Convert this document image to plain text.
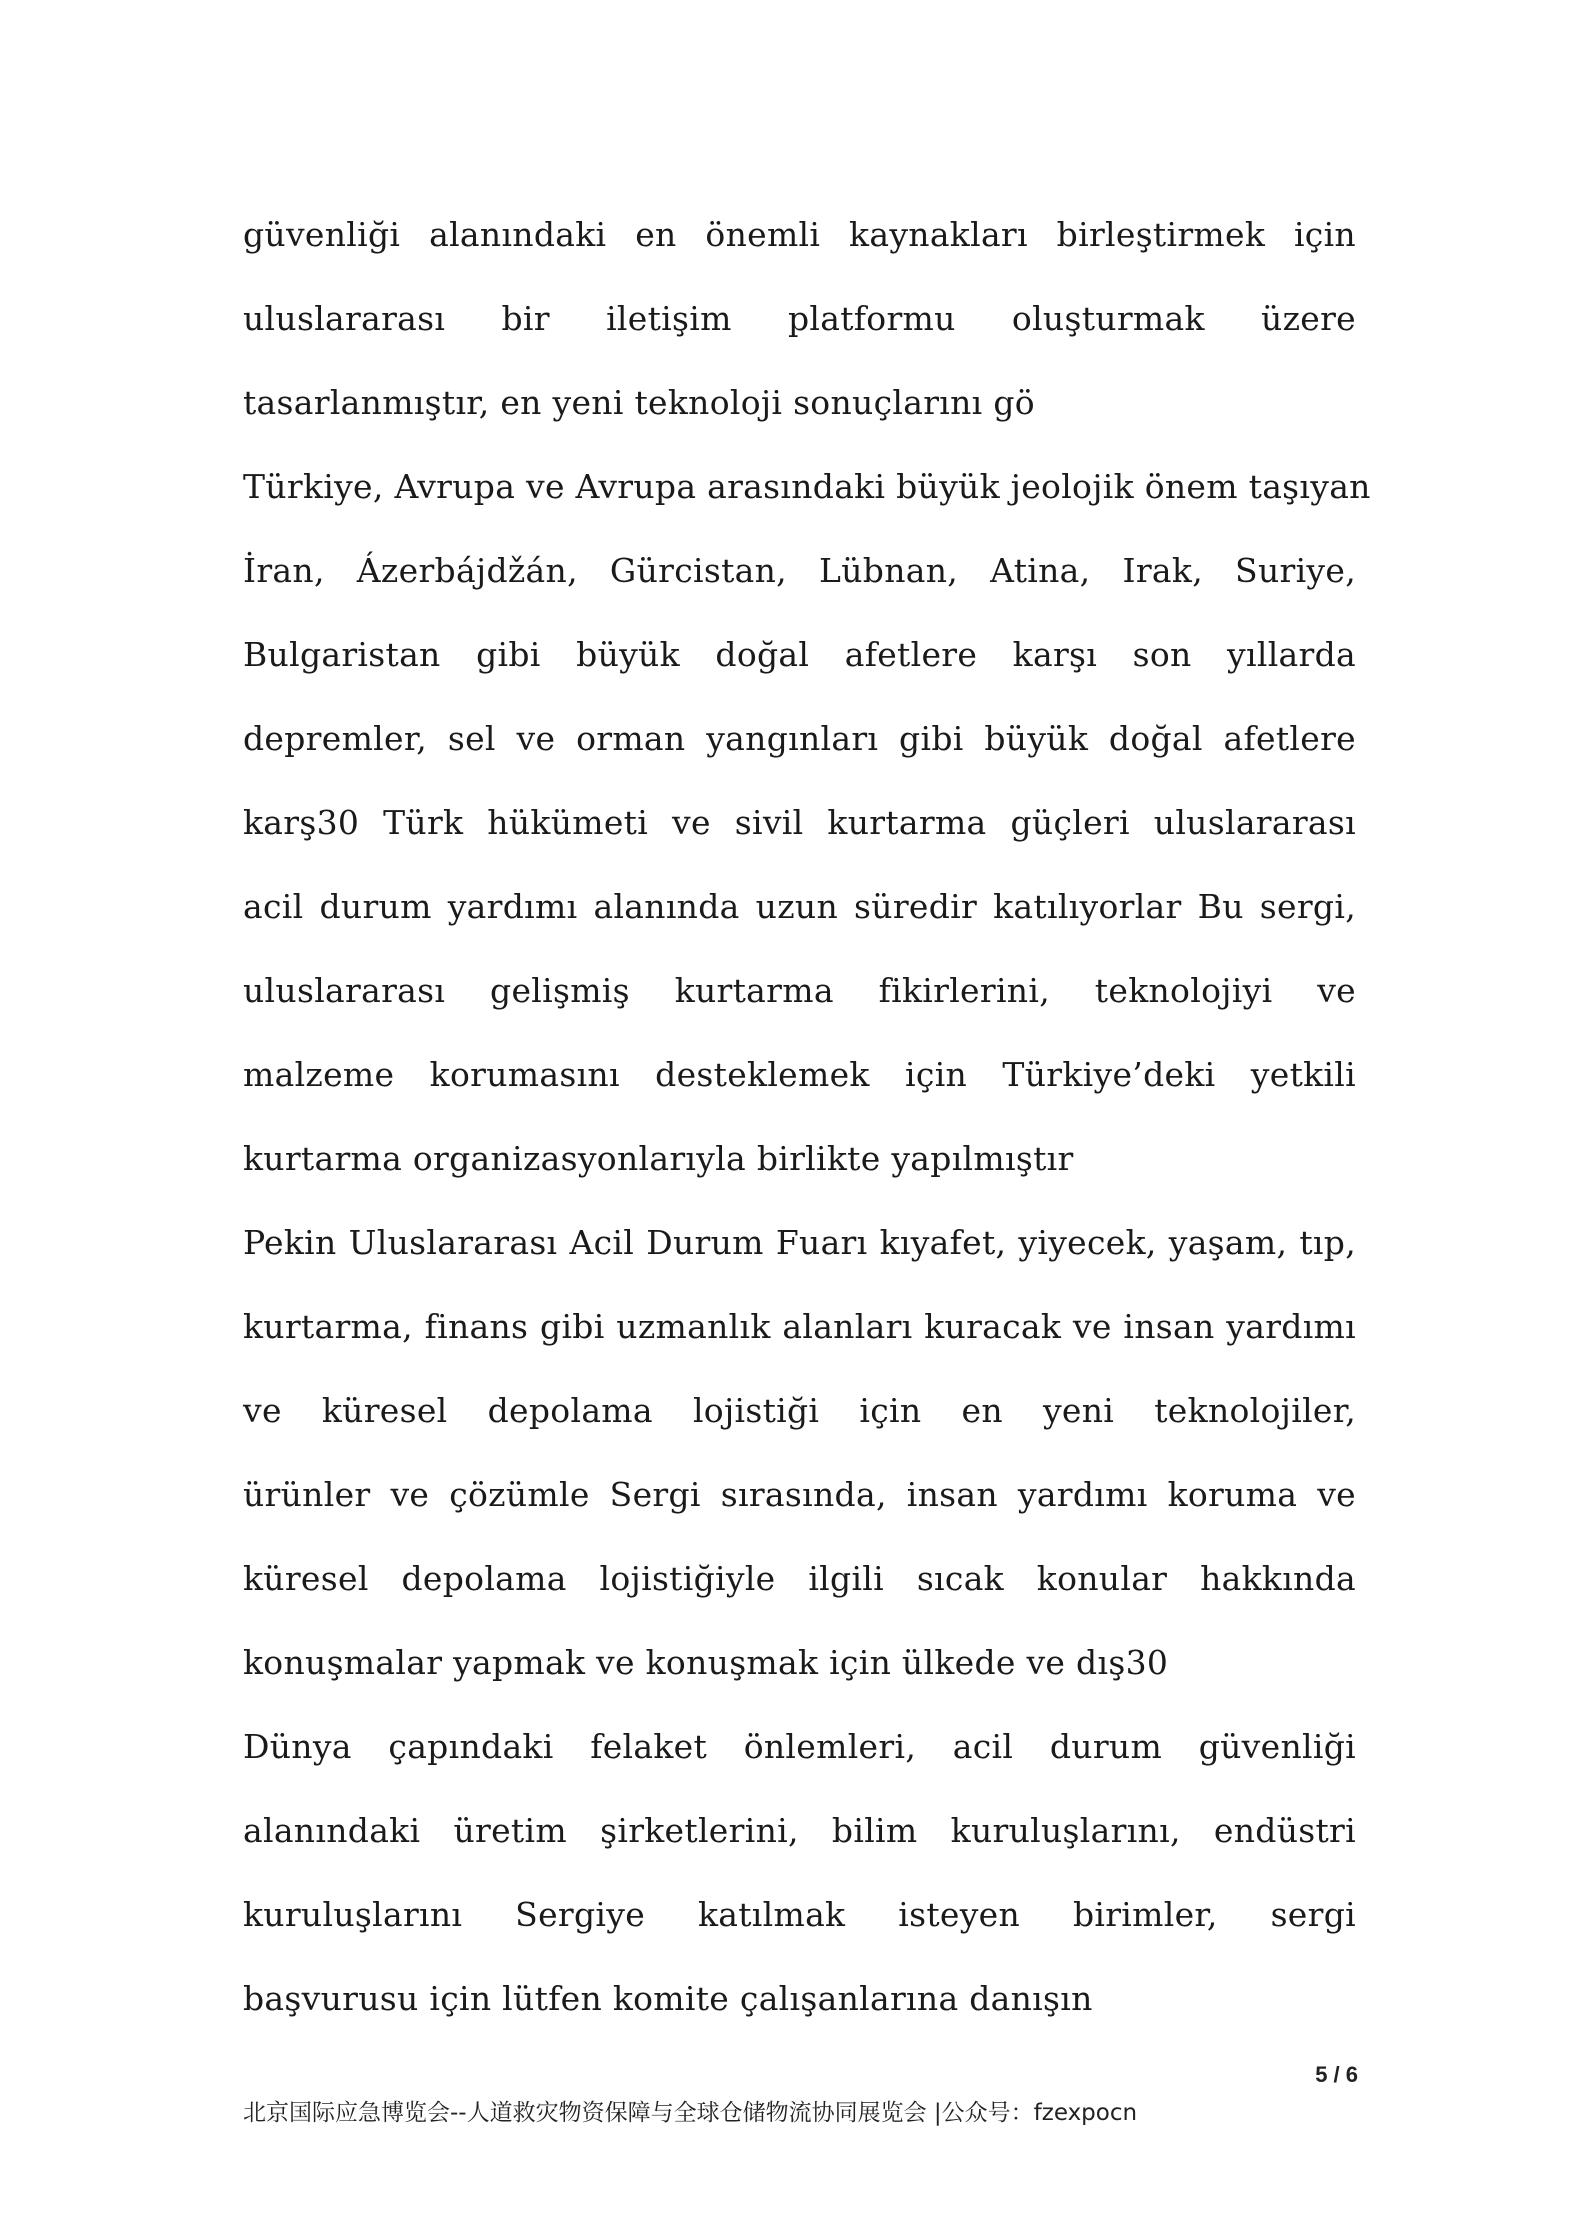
güvenliği alanındaki en önemli kaynakları birleştirmek için
uluslararası bir iletişim platformu oluşturmak üzere
tasarlanmıştır, en yeni teknoloji sonuçlarını gö
Türkiye, Avrupa ve Avrupa arasındaki büyük jeolojik önem taşıyan
İran, Ázerbájdžán, Gürcistan, Lübnan, Atina, Irak, Suriye,
Bulgaristan gibi büyük doğal afetlere karşı son yıllarda
depremler, sel ve orman yangınları gibi büyük doğal afetlere
karş30 Türk hükümeti ve sivil kurtarma güçleri uluslararası
acil durum yardımı alanında uzun süredir katılıyorlar Bu sergi,
uluslararası gelişmiş kurtarma fikirlerini, teknolojiyi ve
malzeme korumasını desteklemek için Türkiye’deki yetkili
kurtarma organizasyonlarıyla birlikte yapılmıştır
Pekin Uluslararası Acil Durum Fuarı kıyafet, yiyecek, yaşam, tıp,
kurtarma, finans gibi uzmanlık alanları kuracak ve insan yardımı
ve küresel depolama lojistiği için en yeni teknolojiler,
ürünler ve çözümle Sergi sırasında, insan yardımı koruma ve
küresel depolama lojistiğiyle ilgili sıcak konular hakkında
konuşmalar yapmak ve konuşmak için ülkede ve dış30
Dünya çapındaki felaket önlemleri, acil durum güvenliği
alanındaki üretim şirketlerini, bilim kuruluşlarını, endüstri
kuruluşlarını Sergiye katılmak isteyen birimler, sergi
başvurusu için lütfen komite çalışanlarına danışın
5 / 6
北京国际应急博览会--人道救灾物资保障与全球仓储物流协同展览会 |公众号：fzexpocn
